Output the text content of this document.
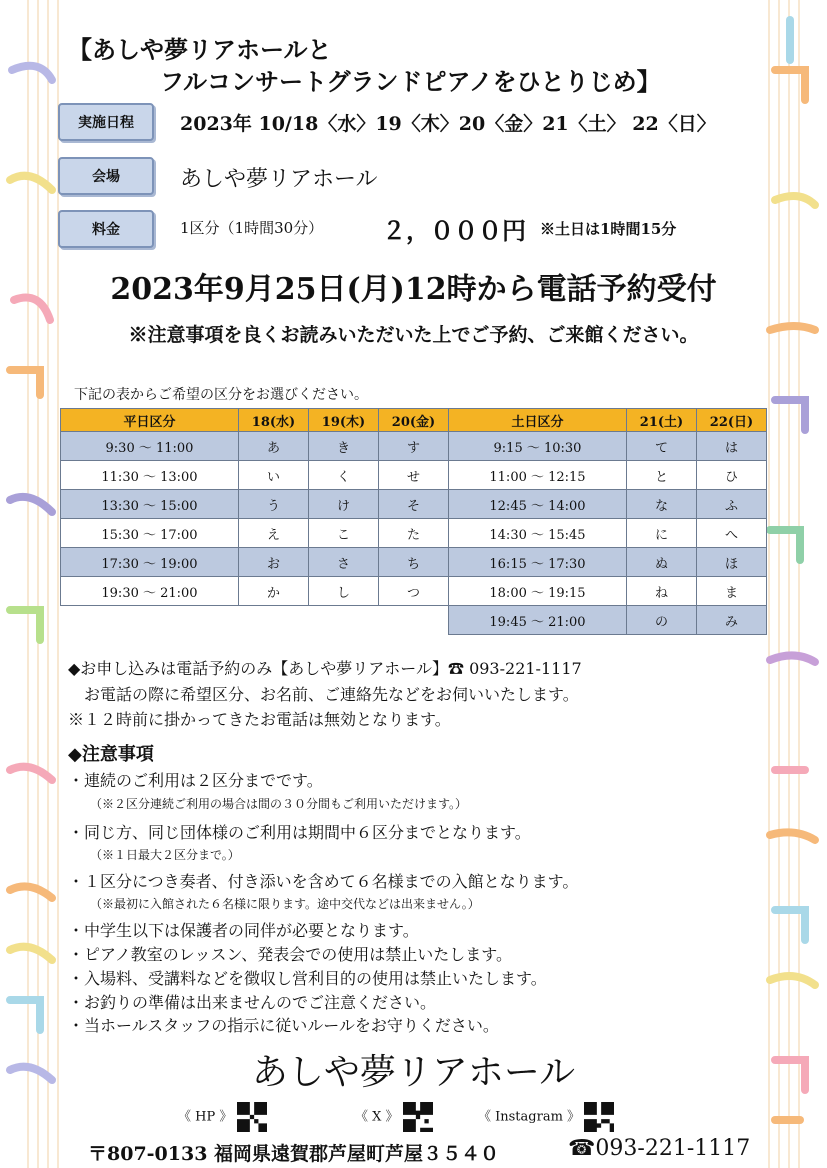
【あしや夢リアホールと
フルコンサートグランドピアノをひとりじめ】
実施日程	2023年 10/18〈水〉19〈木〉20〈金〉21〈土〉 22〈日〉
会場	あしや夢リアホール
料金	1区分（1時間30分） ２，０００円 ※土日は1時間15分
2023年9月25日(月)12時から電話予約受付
※注意事項を良くお読みいただいた上でご予約、ご来館ください。
下記の表からご希望の区分をお選びください。
平日区分	18(水)	19(木)	20(金)	土日区分	21(土)	22(日)
9:30 ～ 11:00	あ	き	す	9:15 ～ 10:30	て	は
11:30 ～ 13:00	い	く	せ	11:00 ～ 12:15	と	ひ
13:30 ～ 15:00	う	け	そ	12:45 ～ 14:00	な	ふ
15:30 ～ 17:00	え	こ	た	14:30 ～ 15:45	に	へ
17:30 ～ 19:00	お	さ	ち	16:15 ～ 17:30	ぬ	ほ
19:30 ～ 21:00	か	し	つ	18:00 ～ 19:15	ね	ま
				19:45 ～ 21:00	の	み
◆お申し込みは電話予約のみ【あしや夢リアホール】☎ 093-221-1117
　お電話の際に希望区分、お名前、ご連絡先などをお伺いいたします。
※１２時前に掛かってきたお電話は無効となります。
◆注意事項
・連続のご利用は２区分までです。
（※２区分連続ご利用の場合は間の３０分間もご利用いただけます。）
・同じ方、同じ団体様のご利用は期間中６区分までとなります。
（※１日最大２区分まで。）
・１区分につき奏者、付き添いを含めて６名様までの入館となります。
（※最初に入館された６名様に限ります。途中交代などは出来ません。）
・中学生以下は保護者の同伴が必要となります。
・ピアノ教室のレッスン、発表会での使用は禁止いたします。
・入場料、受講料などを徴収し営利目的の使用は禁止いたします。
・お釣りの準備は出来ませんのでご注意ください。
・当ホールスタッフの指示に従いルールをお守りください。
あしや夢リアホール
《 HP 》	《 X 》	《 Instagram 》
〒807-0133 福岡県遠賀郡芦屋町芦屋３５４０	☎093-221-1117
